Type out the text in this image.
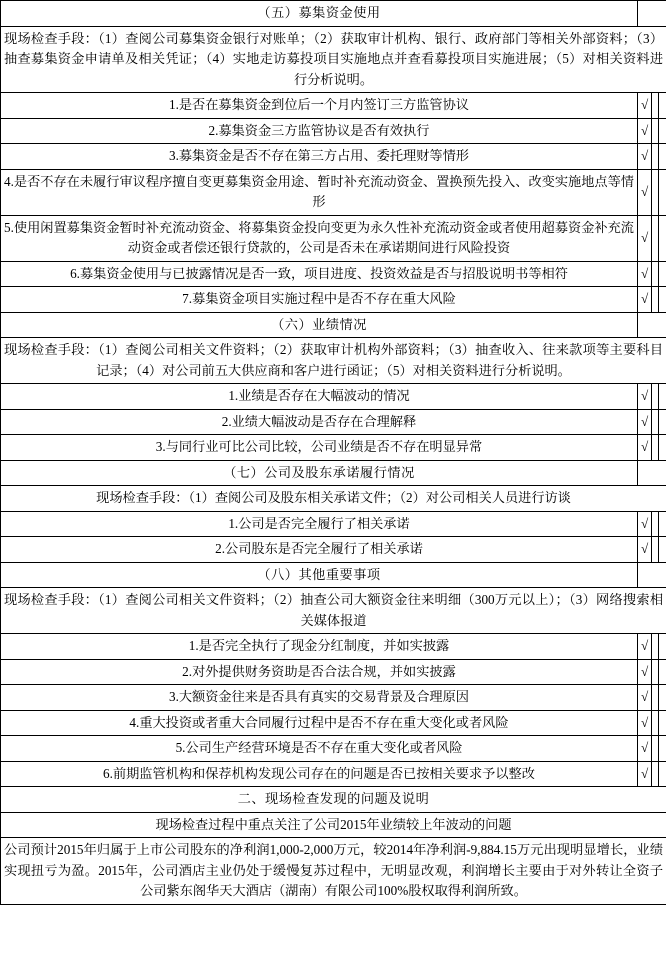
（五）募集资金使用			
现场检查手段：（1）查阅公司募集资金银行对账单；（2）获取审计机构、银行、政府部门等相关外部资料；（3）抽查募集资金申请单及相关凭证；（4）实地走访募投项目实施地点并查看募投项目实施进展；（5）对相关资料进行分析说明。			
1.是否在募集资金到位后一个月内签订三方监管协议	√		
2.募集资金三方监管协议是否有效执行	√		
3.募集资金是否不存在第三方占用、委托理财等情形	√		
4.是否不存在未履行审议程序擅自变更募集资金用途、暂时补充流动资金、置换预先投入、改变实施地点等情形	√		
5.使用闲置募集资金暂时补充流动资金、将募集资金投向变更为永久性补充流动资金或者使用超募资金补充流动资金或者偿还银行贷款的，公司是否未在承诺期间进行风险投资	√		
6.募集资金使用与已披露情况是否一致，项目进度、投资效益是否与招股说明书等相符	√		
7.募集资金项目实施过程中是否不存在重大风险	√		
（六）业绩情况			
现场检查手段：（1）查阅公司相关文件资料；（2）获取审计机构外部资料；（3）抽查收入、往来款项等主要科目记录；（4）对公司前五大供应商和客户进行函证；（5）对相关资料进行分析说明。			
1.业绩是否存在大幅波动的情况	√		
2.业绩大幅波动是否存在合理解释	√		
3.与同行业可比公司比较，公司业绩是否不存在明显异常	√		
（七）公司及股东承诺履行情况			
现场检查手段：（1）查阅公司及股东相关承诺文件；（2）对公司相关人员进行访谈			
1.公司是否完全履行了相关承诺	√		
2.公司股东是否完全履行了相关承诺	√		
（八）其他重要事项			
现场检查手段：（1）查阅公司相关文件资料；（2）抽查公司大额资金往来明细（300万元以上）；（3）网络搜索相关媒体报道			
1.是否完全执行了现金分红制度，并如实披露	√		
2.对外提供财务资助是否合法合规，并如实披露	√		
3.大额资金往来是否具有真实的交易背景及合理原因	√		
4.重大投资或者重大合同履行过程中是否不存在重大变化或者风险	√		
5.公司生产经营环境是否不存在重大变化或者风险	√		
6.前期监管机构和保荐机构发现公司存在的问题是否已按相关要求予以整改	√		
二、现场检查发现的问题及说明			
现场检查过程中重点关注了公司2015年业绩较上年波动的问题			
公司预计2015年归属于上市公司股东的净利润1,000-2,000万元，较2014年净利润-9,884.15万元出现明显增长，业绩实现扭亏为盈。2015年，公司酒店主业仍处于缓慢复苏过程中，无明显改观，利润增长主要由于对外转让全资子公司紫东阁华天大酒店（湖南）有限公司100%股权取得利润所致。			
